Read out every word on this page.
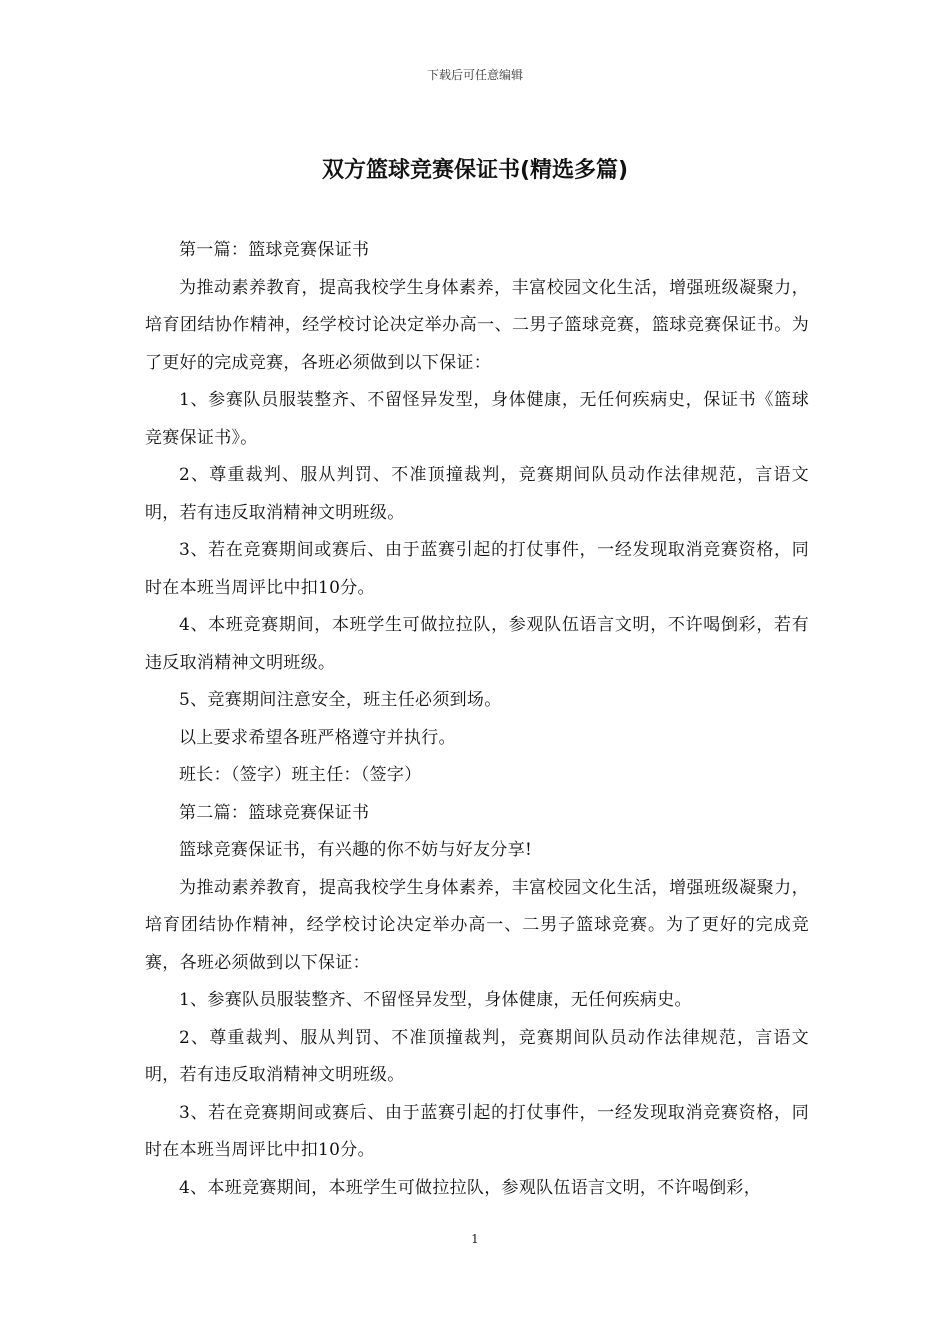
下载后可任意编辑
双方篮球竞赛保证书(精选多篇)

第一篇：篮球竞赛保证书

为推动素养教育，提高我校学生身体素养，丰富校园文化生活，增强班级凝聚力，培育团结协作精神，经学校讨论决定举办高一、二男子篮球竞赛，篮球竞赛保证书。为了更好的完成竞赛，各班必须做到以下保证：

1、参赛队员服装整齐、不留怪异发型，身体健康，无任何疾病史，保证书《篮球竞赛保证书》。

2、尊重裁判、服从判罚、不准顶撞裁判，竞赛期间队员动作法律规范，言语文明，若有违反取消精神文明班级。

3、若在竞赛期间或赛后、由于蓝赛引起的打仗事件，一经发现取消竞赛资格，同时在本班当周评比中扣10分。

4、本班竞赛期间，本班学生可做拉拉队，参观队伍语言文明，不许喝倒彩，若有违反取消精神文明班级。

5、竞赛期间注意安全，班主任必须到场。

以上要求希望各班严格遵守并执行。

班长：（签字）班主任：（签字）

第二篇：篮球竞赛保证书

篮球竞赛保证书，有兴趣的你不妨与好友分享!

为推动素养教育，提高我校学生身体素养，丰富校园文化生活，增强班级凝聚力，培育团结协作精神，经学校讨论决定举办高一、二男子篮球竞赛。为了更好的完成竞赛，各班必须做到以下保证：

1、参赛队员服装整齐、不留怪异发型，身体健康，无任何疾病史。

2、尊重裁判、服从判罚、不准顶撞裁判，竞赛期间队员动作法律规范，言语文明，若有违反取消精神文明班级。

3、若在竞赛期间或赛后、由于蓝赛引起的打仗事件，一经发现取消竞赛资格，同时在本班当周评比中扣10分。

4、本班竞赛期间，本班学生可做拉拉队，参观队伍语言文明，不许喝倒彩，

1
